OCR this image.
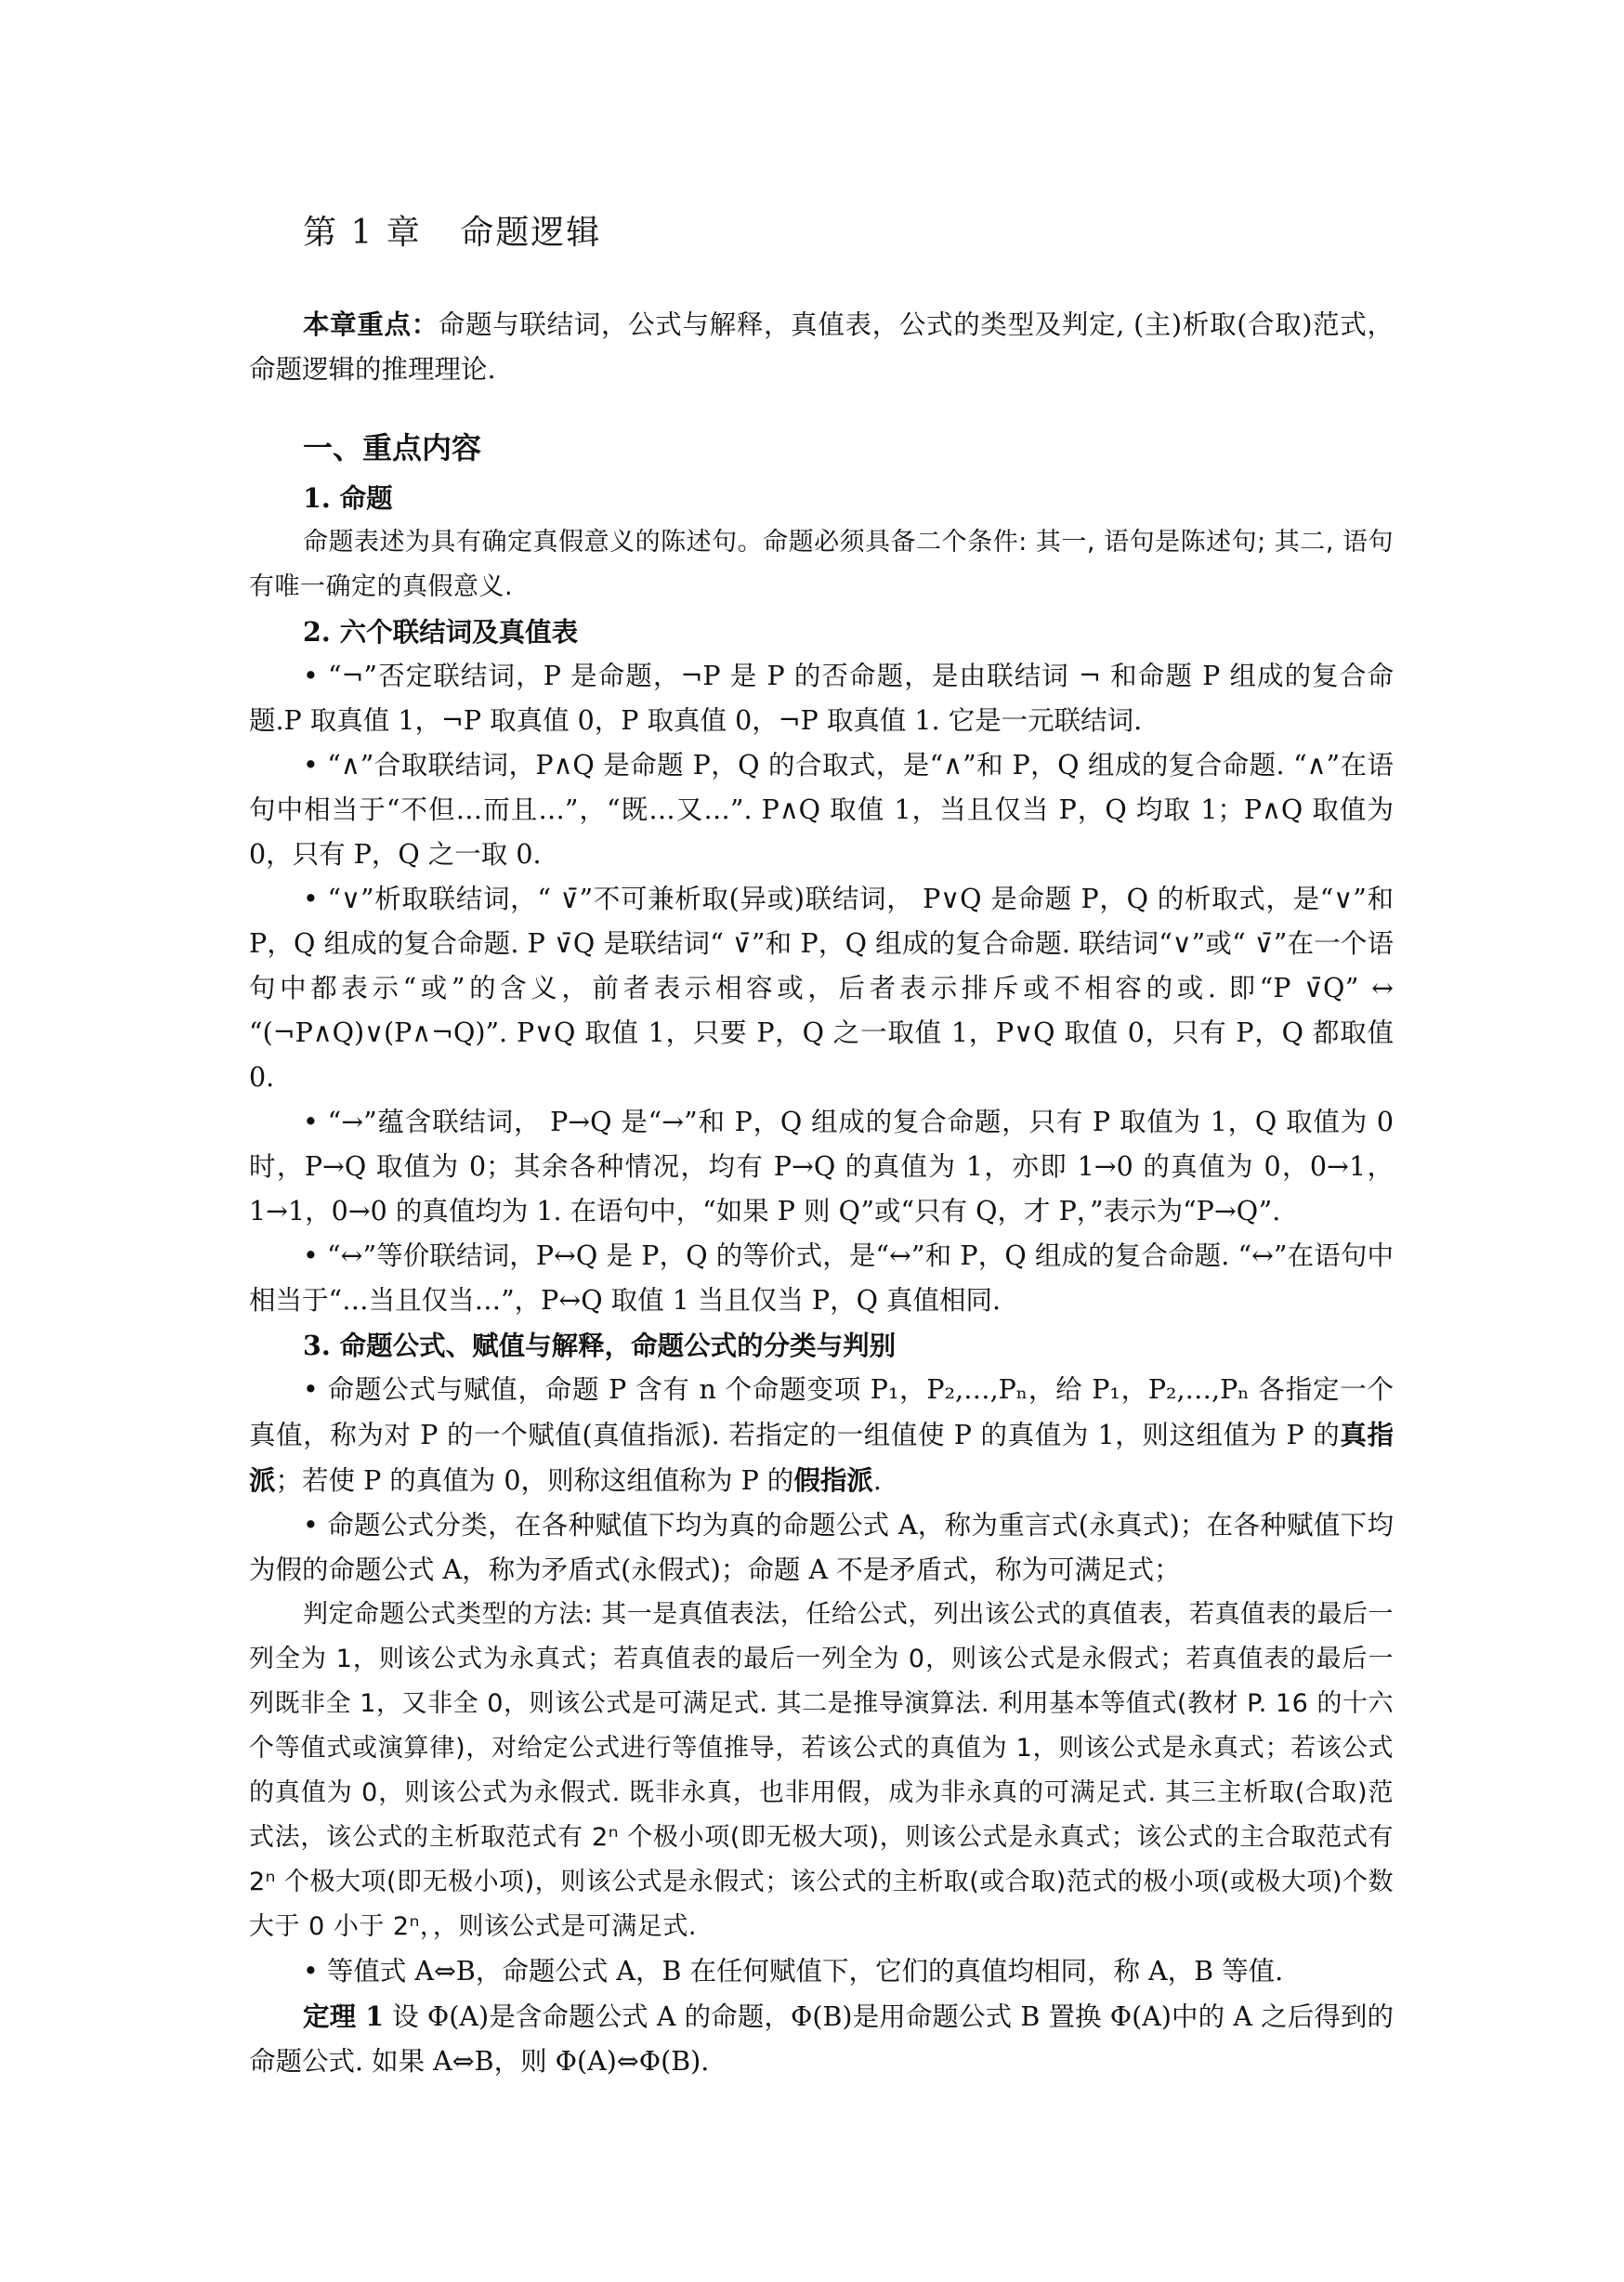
第 1 章 命题逻辑

本章重点：命题与联结词，公式与解释，真值表，公式的类型及判定, (主)析取(合取)范式，命题逻辑的推理理论.

一、重点内容
1. 命题

命题表述为具有确定真假意义的陈述句。命题必须具备二个条件: 其一, 语句是陈述句; 其二, 语句有唯一确定的真假意义.

2. 六个联结词及真值表

• “¬”否定联结词，P 是命题，¬P 是 P 的否命题，是由联结词 ¬ 和命题 P 组成的复合命题.P 取真值 1，¬P 取真值 0，P 取真值 0，¬P 取真值 1. 它是一元联结词.

• “∧”合取联结词，P∧Q 是命题 P，Q 的合取式，是“∧”和 P，Q 组成的复合命题. “∧”在语句中相当于“不但…而且…”，“既…又…”. P∧Q 取值 1，当且仅当 P，Q 均取 1；P∧Q 取值为 0，只有 P，Q 之一取 0.

• “∨”析取联结词，“ ∨̄”不可兼析取(异或)联结词， P∨Q 是命题 P，Q 的析取式，是“∨”和 P，Q 组成的复合命题. P ∨̄Q 是联结词“ ∨̄”和 P，Q 组成的复合命题. 联结词“∨”或“ ∨̄”在一个语句中都表示“或”的含义，前者表示相容或，后者表示排斥或不相容的或. 即“P ∨̄Q” ↔ “(¬P∧Q)∨(P∧¬Q)”. P∨Q 取值 1，只要 P，Q 之一取值 1，P∨Q 取值 0，只有 P，Q 都取值 0.

• “→”蕴含联结词， P→Q 是“→”和 P，Q 组成的复合命题，只有 P 取值为 1，Q 取值为 0 时，P→Q 取值为 0；其余各种情况，均有 P→Q 的真值为 1，亦即 1→0 的真值为 0，0→1，1→1，0→0 的真值均为 1. 在语句中，“如果 P 则 Q”或“只有 Q，才 P，”表示为“P→Q”.

• “↔”等价联结词，P↔Q 是 P，Q 的等价式，是“↔”和 P，Q 组成的复合命题. “↔”在语句中相当于“…当且仅当…”，P↔Q 取值 1 当且仅当 P，Q 真值相同.

3. 命题公式、赋值与解释，命题公式的分类与判别

• 命题公式与赋值，命题 P 含有 n 个命题变项 P₁，P₂,…,Pₙ，给 P₁，P₂,…,Pₙ 各指定一个真值，称为对 P 的一个赋值(真值指派). 若指定的一组值使 P 的真值为 1，则这组值为 P 的真指派；若使 P 的真值为 0，则称这组值称为 P 的假指派.

• 命题公式分类，在各种赋值下均为真的命题公式 A，称为重言式(永真式)；在各种赋值下均为假的命题公式 A，称为矛盾式(永假式)；命题 A 不是矛盾式，称为可满足式；

判定命题公式类型的方法: 其一是真值表法，任给公式，列出该公式的真值表，若真值表的最后一列全为 1，则该公式为永真式；若真值表的最后一列全为 0，则该公式是永假式；若真值表的最后一列既非全 1，又非全 0，则该公式是可满足式. 其二是推导演算法. 利用基本等值式(教材 P. 16 的十六个等值式或演算律)，对给定公式进行等值推导，若该公式的真值为 1，则该公式是永真式；若该公式的真值为 0，则该公式为永假式. 既非永真，也非用假，成为非永真的可满足式. 其三主析取(合取)范式法，该公式的主析取范式有 2ⁿ 个极小项(即无极大项)，则该公式是永真式；该公式的主合取范式有 2ⁿ 个极大项(即无极小项)，则该公式是永假式；该公式的主析取(或合取)范式的极小项(或极大项)个数大于 0 小于 2ⁿ，，则该公式是可满足式.

• 等值式 A⇔B，命题公式 A，B 在任何赋值下，它们的真值均相同，称 A，B 等值.

定理 1 设 Φ(A)是含命题公式 A 的命题，Φ(B)是用命题公式 B 置换 Φ(A)中的 A 之后得到的命题公式. 如果 A⇔B，则 Φ(A)⇔Φ(B).
